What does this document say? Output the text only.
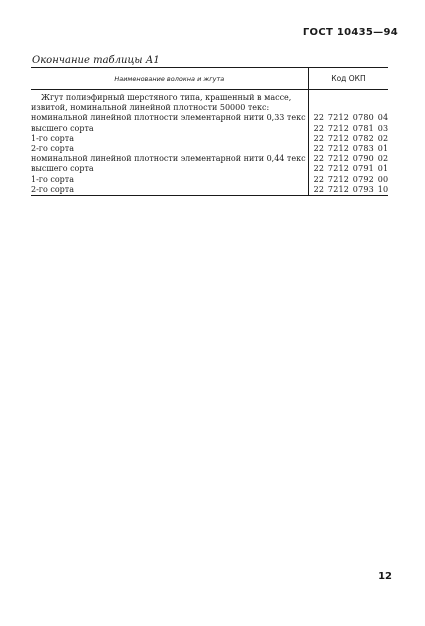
ГОСТ 10435—94
Окончание таблицы А1
Наименование волокна и жгута	Код ОКП

Жгут полиэфирный шерстяного типа, крашенный в массе,
извитой, номинальной линейной плотности 50000 текс:	

номинальной линейной плотности элементарной нити 0,33 текс	22 7212 0780 04
высшего сорта	22 7212 0781 03
1-го сорта	22 7212 0782 02
2-го сорта	22 7212 0783 01
номинальной линейной плотности элементарной нити 0,44 текс	22 7212 0790 02
высшего сорта	22 7212 0791 01
1-го сорта	22 7212 0792 00
2-го сорта	22 7212 0793 10
12
